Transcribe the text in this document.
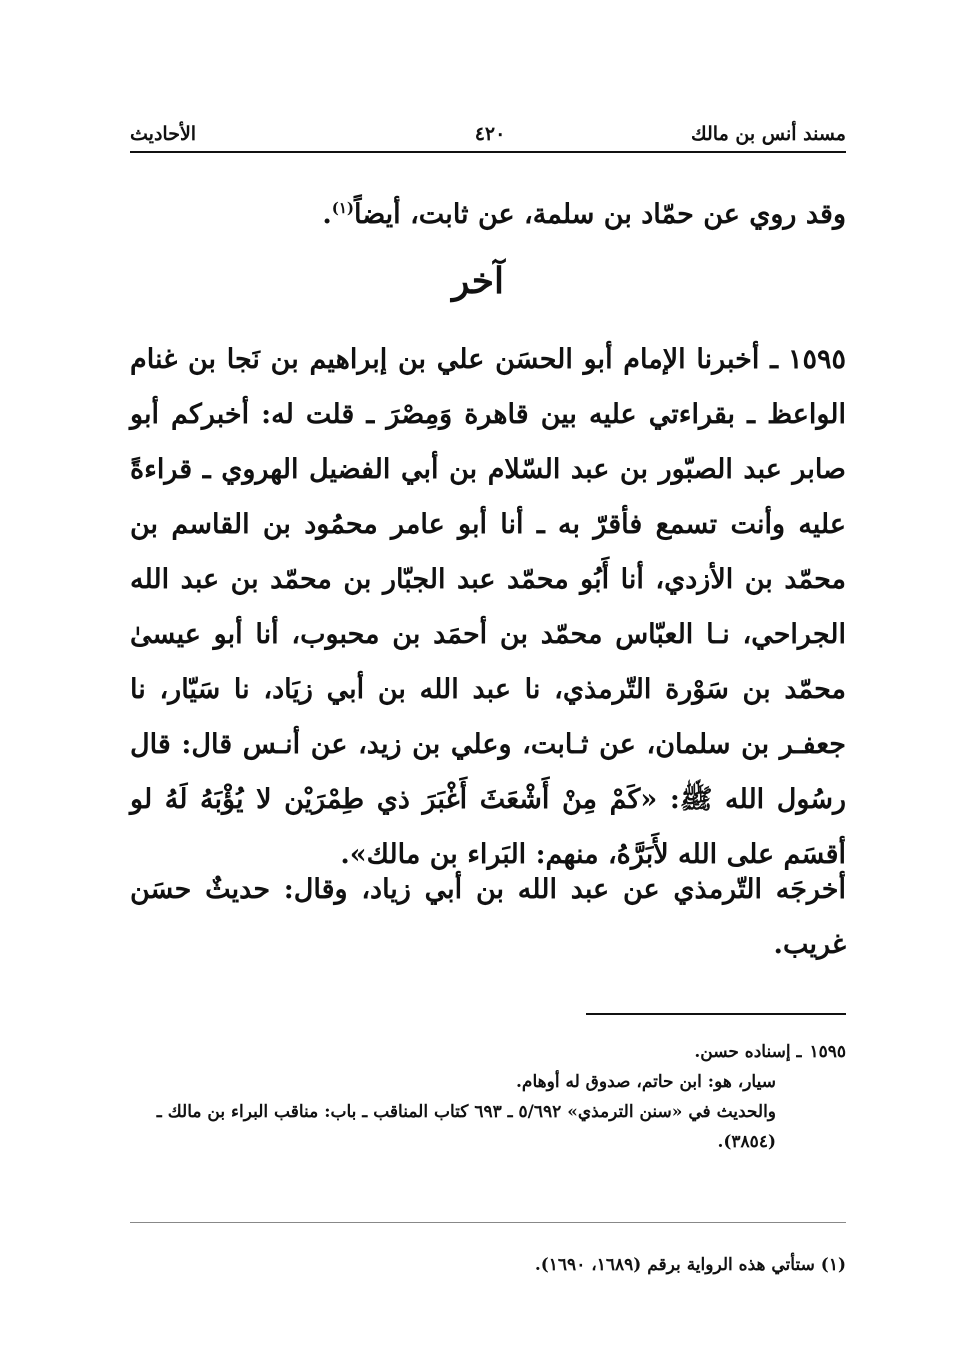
مسند أنس بن مالك
٤٢٠
الأحاديث
وقد روي عن حمّاد بن سلمة، عن ثابت، أيضاً$^{(١)}$.
آخر
١٥٩٥ـ أخبرنا الإمام أبو الحسَن علي بن إبراهيم بن نَجا بن غنام الواعظ ـ بقراءتي عليه بين قاهرة وَمِصْرَ ـ قلت له: أخبركم أبو صابر عبد الصبّور بن عبد السّلام بن أبي الفضيل الهروي ـ قراءةً عليه وأنت تسمع فأقرّ به ـ أنا أبو عامر محمُود بن القاسم بن محمّد بن الأزدي، أنا أَبُو محمّد عبد الجبّار بن محمّد بن عبد الله الجراحي، نـا العبّاس محمّد بن أحمَد بن محبوب، أنا أبو عيسىٰ محمّد بن سَوْرة التّرمذي، نا عبد الله بن أبي زيَاد، نا سَيّار، نا جعفـر بن سلمان، عن ثـابت، وعلي بن زيد، عن أنـس قال: قال رسُول الله ﷺ: «كَمْ مِنْ أَشْعَثَ أَغْبَرَ ذي طِمْرَيْن لا يُؤْبَهُ لَهُ لو أقسَم على الله لأَبَرَّهُ، منهم: البَراء بن مالك».
أخرجَه التّرمذي عن عبد الله بن أبي زياد، وقال: حديثٌ حسَن غريب.
١٥٩٥ـ إسناده حسن.
سيار، هو: ابن حاتم، صدوق له أوهام.
والحديث في «سنن الترمذي» ٥/٦٩٢ ـ ٦٩٣ كتاب المناقب ـ باب: مناقب البراء بن مالك ـ (٣٨٥٤).
(١) ستأتي هذه الرواية برقم (١٦٨٩، ١٦٩٠).
